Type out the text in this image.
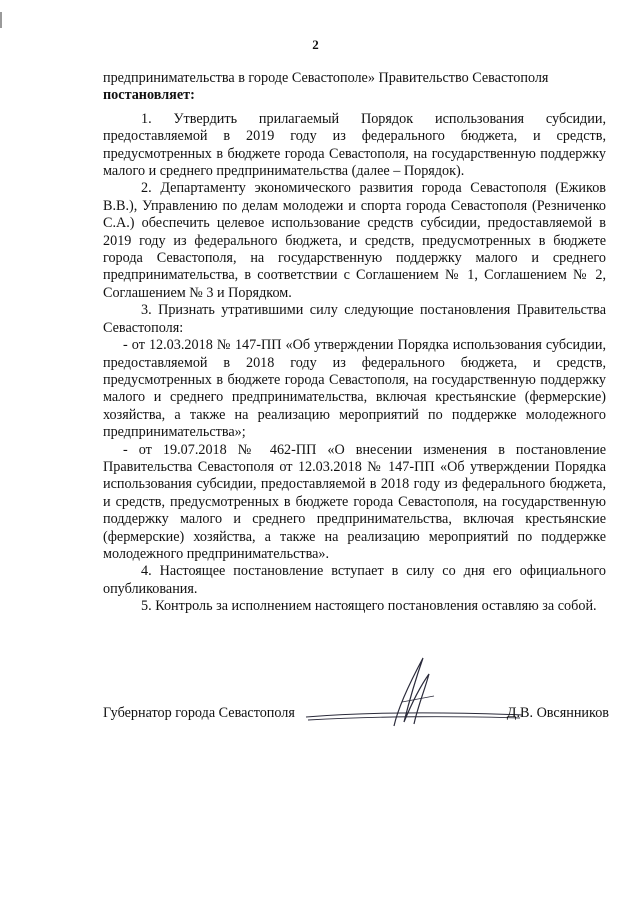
2

предпринимательства в городе Севастополе» Правительство Севастополя
постановляет:

1. Утвердить прилагаемый Порядок использования субсидии, предоставляемой в 2019 году из федерального бюджета, и средств, предусмотренных в бюджете города Севастополя, на государственную поддержку малого и среднего предпринимательства (далее – Порядок).

2. Департаменту экономического развития города Севастополя (Ежиков В.В.), Управлению по делам молодежи и спорта города Севастополя (Резниченко С.А.) обеспечить целевое использование средств субсидии, предоставляемой в 2019 году из федерального бюджета, и средств, предусмотренных в бюджете города Севастополя, на государственную поддержку малого и среднего предпринимательства, в соответствии с Соглашением № 1, Соглашением № 2, Соглашением № 3 и Порядком.

3. Признать утратившими силу следующие постановления Правительства Севастополя:

- от 12.03.2018 № 147-ПП «Об утверждении Порядка использования субсидии, предоставляемой в 2018 году из федерального бюджета, и средств, предусмотренных в бюджете города Севастополя, на государственную поддержку малого и среднего предпринимательства, включая крестьянские (фермерские) хозяйства, а также на реализацию мероприятий по поддержке молодежного предпринимательства»;

- от 19.07.2018 № 462-ПП «О внесении изменения в постановление Правительства Севастополя от 12.03.2018 № 147-ПП «Об утверждении Порядка использования субсидии, предоставляемой в 2018 году из федерального бюджета, и средств, предусмотренных в бюджете города Севастополя, на государственную поддержку малого и среднего предпринимательства, включая крестьянские (фермерские) хозяйства, а также на реализацию мероприятий по поддержке молодежного предпринимательства».

4. Настоящее постановление вступает в силу со дня его официального опубликования.

5. Контроль за исполнением настоящего постановления оставляю за собой.

Губернатор города Севастополя	Д.В. Овсянников
